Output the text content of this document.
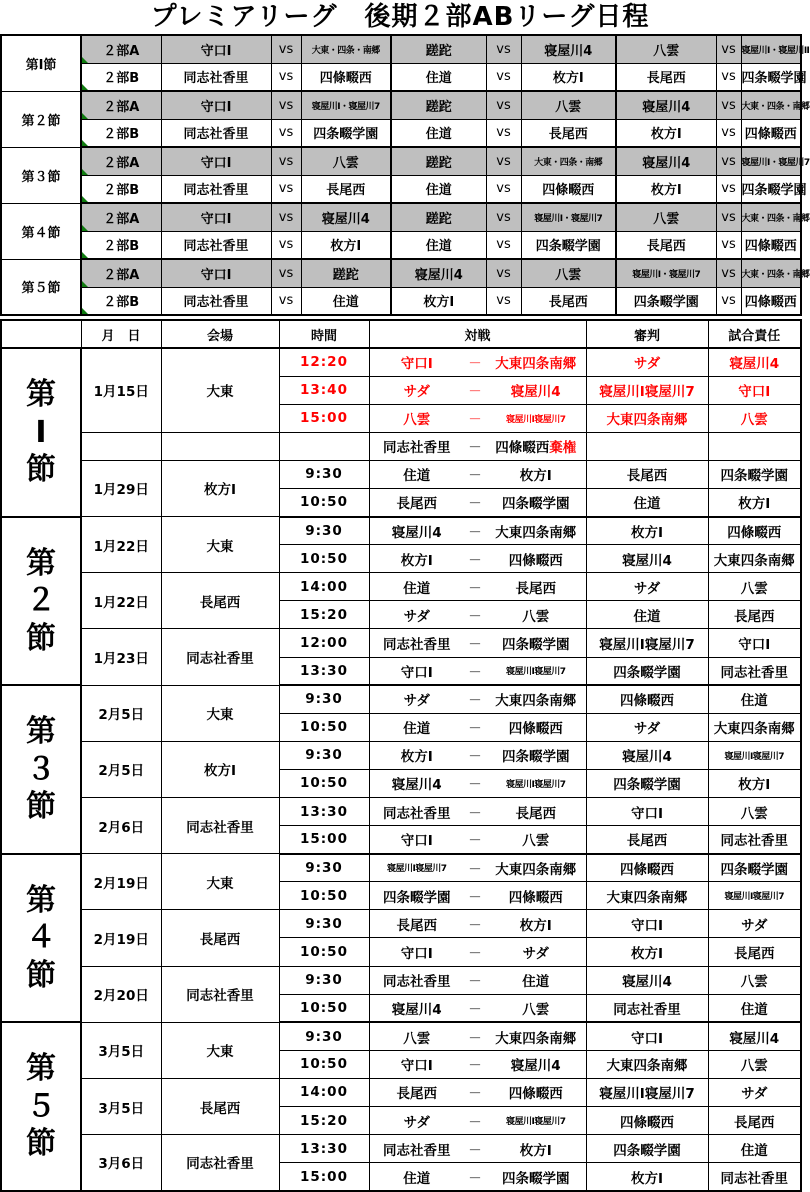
プレミアリーグ　後期２部ABリーグ日程
第Ⅰ節	２部A	守口Ⅰ	vs	大東・四条・南郷	蹉跎	vs	寝屋川4	八雲	vs	寝屋川Ⅰ・寝屋川Ⅱ
	２部B	同志社香里	vs	四條畷西	住道	vs	枚方Ⅰ	長尾西	vs	四条畷学園
第２節	２部A	守口Ⅰ	vs	寝屋川Ⅰ・寝屋川7	蹉跎	vs	八雲	寝屋川4	vs	大東・四条・南郷
	２部B	同志社香里	vs	四条畷学園	住道	vs	長尾西	枚方Ⅰ	vs	四條畷西
第３節	２部A	守口Ⅰ	vs	八雲	蹉跎	vs	大東・四条・南郷	寝屋川4	vs	寝屋川Ⅰ・寝屋川7
	２部B	同志社香里	vs	長尾西	住道	vs	四條畷西	枚方Ⅰ	vs	四条畷学園
第４節	２部A	守口Ⅰ	vs	寝屋川4	蹉跎	vs	寝屋川Ⅰ・寝屋川7	八雲	vs	大東・四条・南郷
	２部B	同志社香里	vs	枚方Ⅰ	住道	vs	四条畷学園	長尾西	vs	四條畷西
第５節	２部A	守口Ⅰ	vs	蹉跎	寝屋川4	vs	八雲	寝屋川Ⅰ・寝屋川7	vs	大東・四条・南郷
	２部B	同志社香里	vs	住道	枚方Ⅰ	vs	長尾西	四条畷学園	vs	四條畷西
	月　日	会場	時間	対戦			審判	試合責任
第
Ⅰ
節	1月15日	大東	12:20	守口Ⅰ	－	大東四条南郷	サダ	寝屋川4
			13:40	サダ	－	寝屋川4	寝屋川Ⅰ寝屋川7	守口Ⅰ
			15:00	八雲	－	寝屋川Ⅰ寝屋川7	大東四条南郷	八雲
				同志社香里	－	四條畷西棄権		
	1月29日	枚方Ⅰ	9:30	住道	－	枚方Ⅰ	長尾西	四条畷学園
			10:50	長尾西	－	四条畷学園	住道	枚方Ⅰ
第
２
節	1月22日	大東	9:30	寝屋川4	－	大東四条南郷	枚方Ⅰ	四條畷西
			10:50	枚方Ⅰ	－	四條畷西	寝屋川4	大東四条南郷
	1月22日	長尾西	14:00	住道	－	長尾西	サダ	八雲
			15:20	サダ	－	八雲	住道	長尾西
	1月23日	同志社香里	12:00	同志社香里	－	四条畷学園	寝屋川Ⅰ寝屋川7	守口Ⅰ
			13:30	守口Ⅰ	－	寝屋川Ⅰ寝屋川7	四条畷学園	同志社香里
第
３
節	2月5日	大東	9:30	サダ	－	大東四条南郷	四條畷西	住道
			10:50	住道	－	四條畷西	サダ	大東四条南郷
	2月5日	枚方Ⅰ	9:30	枚方Ⅰ	－	四条畷学園	寝屋川4	寝屋川Ⅰ寝屋川7
			10:50	寝屋川4	－	寝屋川Ⅰ寝屋川7	四条畷学園	枚方Ⅰ
	2月6日	同志社香里	13:30	同志社香里	－	長尾西	守口Ⅰ	八雲
			15:00	守口Ⅰ	－	八雲	長尾西	同志社香里
第
４
節	2月19日	大東	9:30	寝屋川Ⅰ寝屋川7	－	大東四条南郷	四條畷西	四条畷学園
			10:50	四条畷学園	－	四條畷西	大東四条南郷	寝屋川Ⅰ寝屋川7
	2月19日	長尾西	9:30	長尾西	－	枚方Ⅰ	守口Ⅰ	サダ
			10:50	守口Ⅰ	－	サダ	枚方Ⅰ	長尾西
	2月20日	同志社香里	9:30	同志社香里	－	住道	寝屋川4	八雲
			10:50	寝屋川4	－	八雲	同志社香里	住道
第
５
節	3月5日	大東	9:30	八雲	－	大東四条南郷	守口Ⅰ	寝屋川4
			10:50	守口Ⅰ	－	寝屋川4	大東四条南郷	八雲
	3月5日	長尾西	14:00	長尾西	－	四條畷西	寝屋川Ⅰ寝屋川7	サダ
			15:20	サダ	－	寝屋川Ⅰ寝屋川7	四條畷西	長尾西
	3月6日	同志社香里	13:30	同志社香里	－	枚方Ⅰ	四条畷学園	住道
			15:00	住道	－	四条畷学園	枚方Ⅰ	同志社香里
